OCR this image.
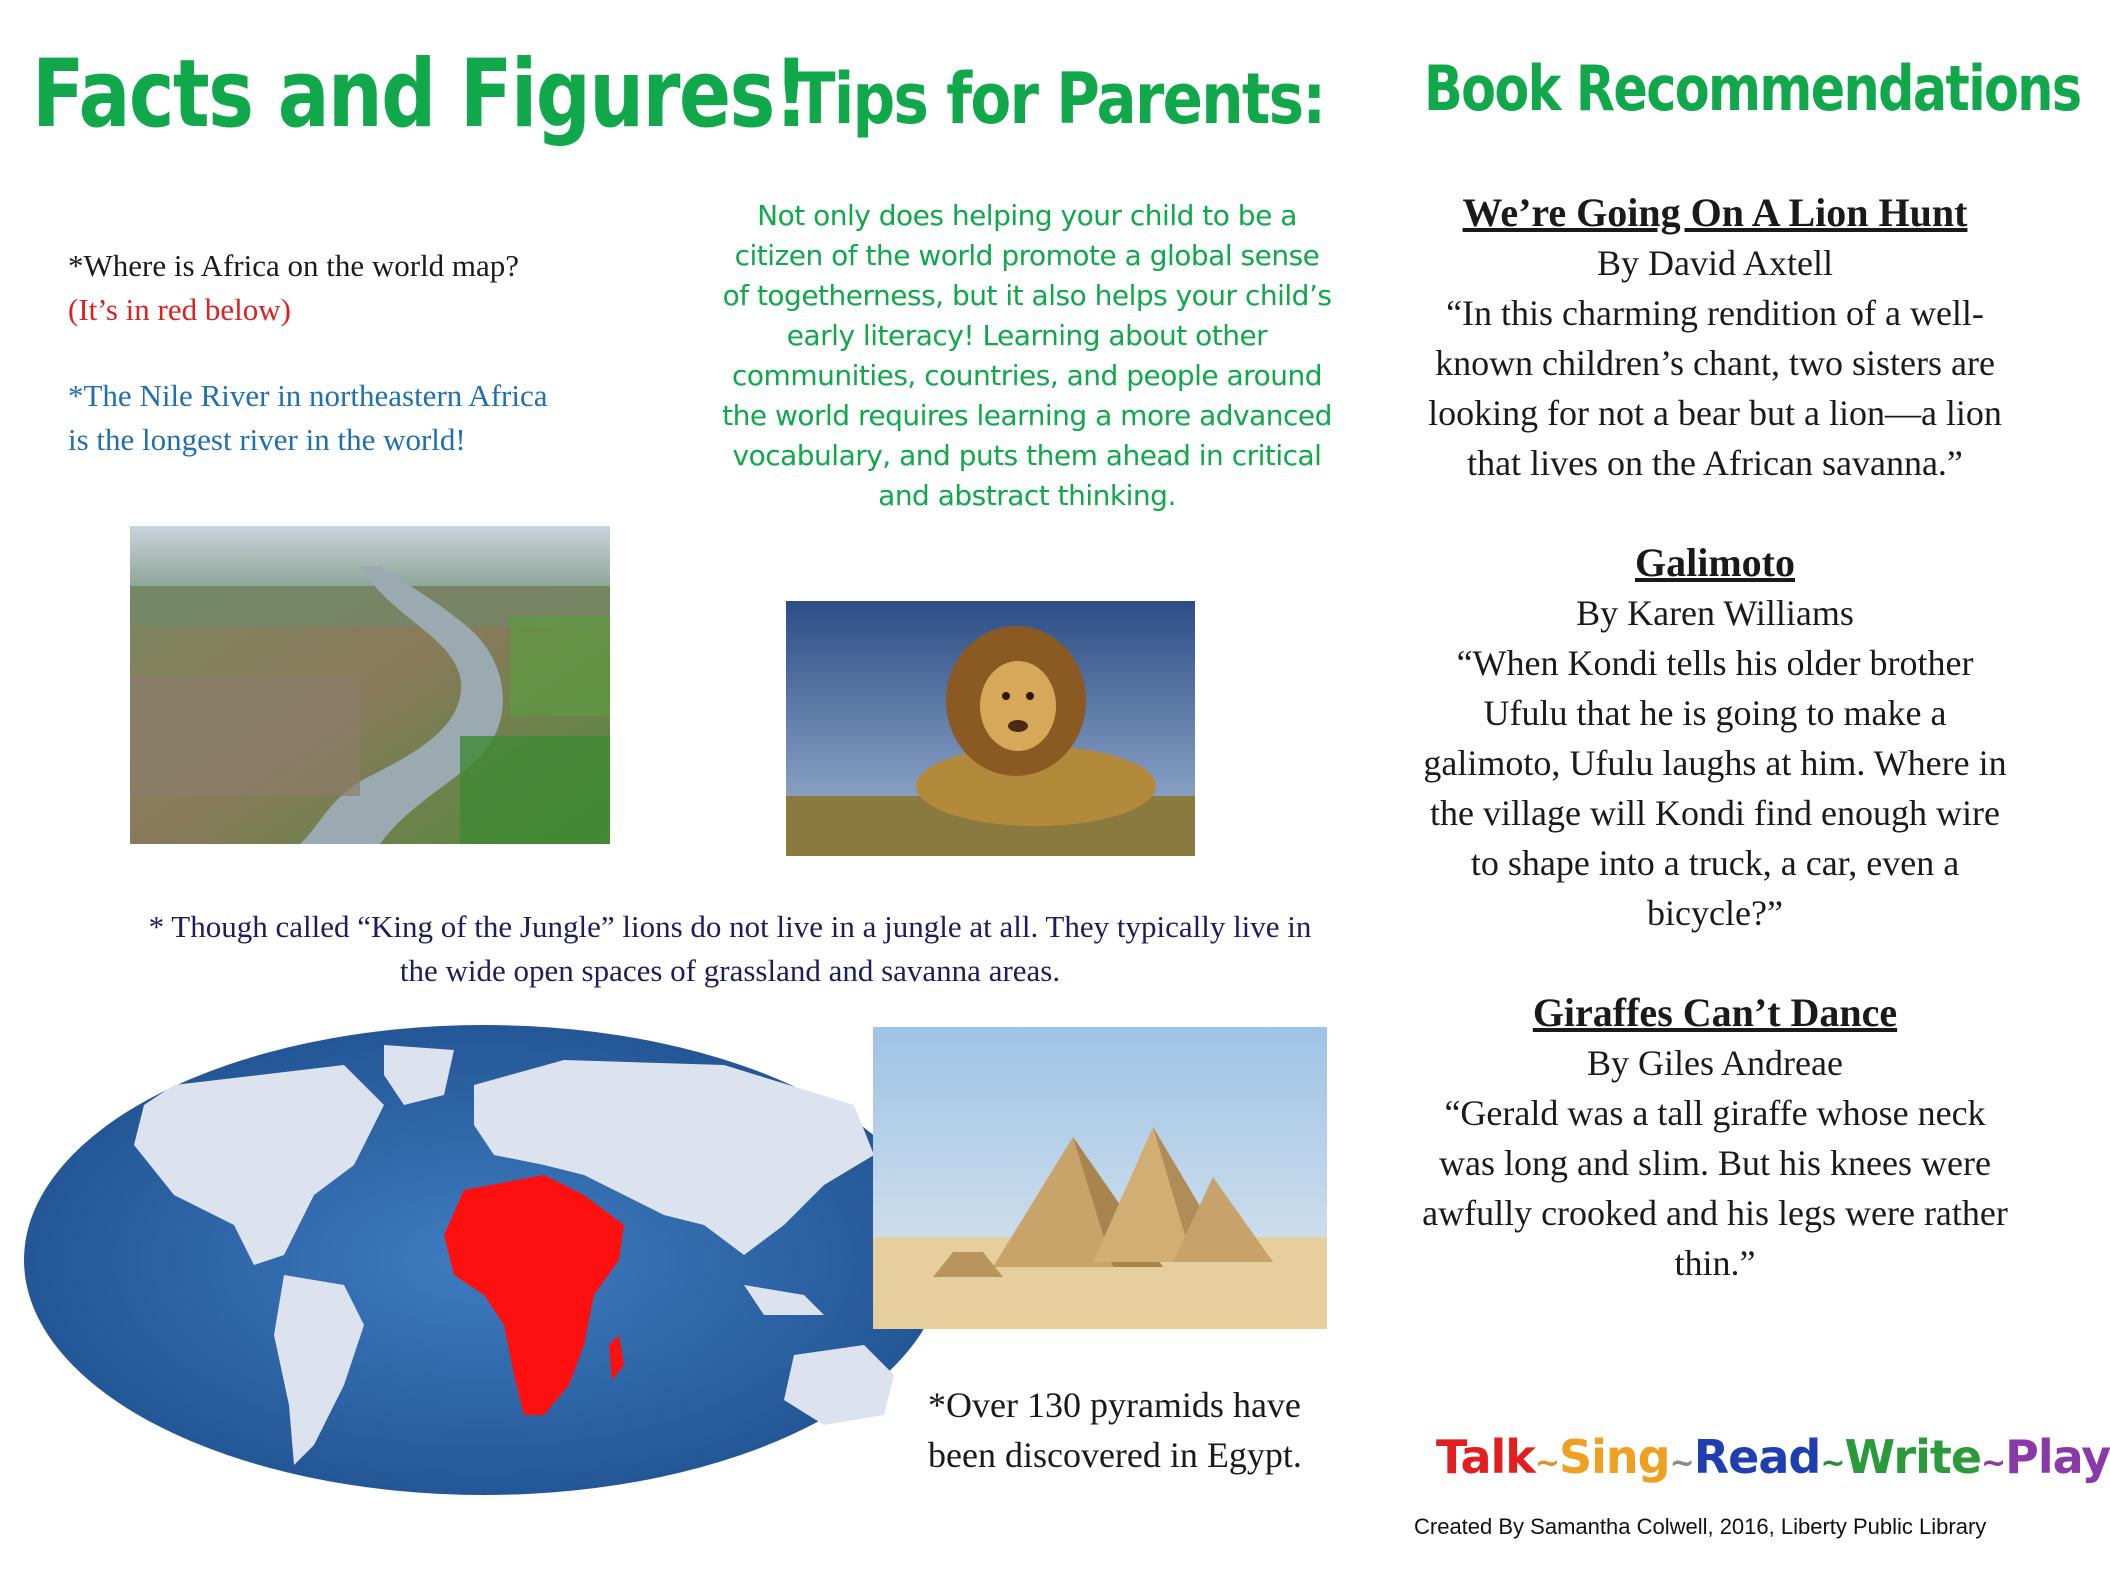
Facts and Figures!
Tips for Parents: Book Recommendations
*Where is Africa on the world map?
(It’s in red below)
*The Nile River in northeastern Africa is the longest river in the world!
Not only does helping your child to be a citizen of the world promote a global sense of togetherness, but it also helps your child’s early literacy! Learning about other communities, countries, and people around the world requires learning a more advanced vocabulary, and puts them ahead in critical and abstract thinking.
* Though called “King of the Jungle” lions do not live in a jungle at all. They typically live in the wide open spaces of grassland and savanna areas.
*Over 130 pyramids have been discovered in Egypt.
We’re Going On A Lion Hunt
By David Axtell
“In this charming rendition of a well-known children’s chant, two sisters are looking for not a bear but a lion—a lion that lives on the African savanna.”
Galimoto
By Karen Williams
“When Kondi tells his older brother Ufulu that he is going to make a galimoto, Ufulu laughs at him. Where in the village will Kondi find enough wire to shape into a truck, a car, even a bicycle?”
Giraffes Can’t Dance
By Giles Andreae
“Gerald was a tall giraffe whose neck was long and slim. But his knees were awfully crooked and his legs were rather thin.”
Talk~Sing~Read~Write~Play
Created By Samantha Colwell, 2016, Liberty Public Library
